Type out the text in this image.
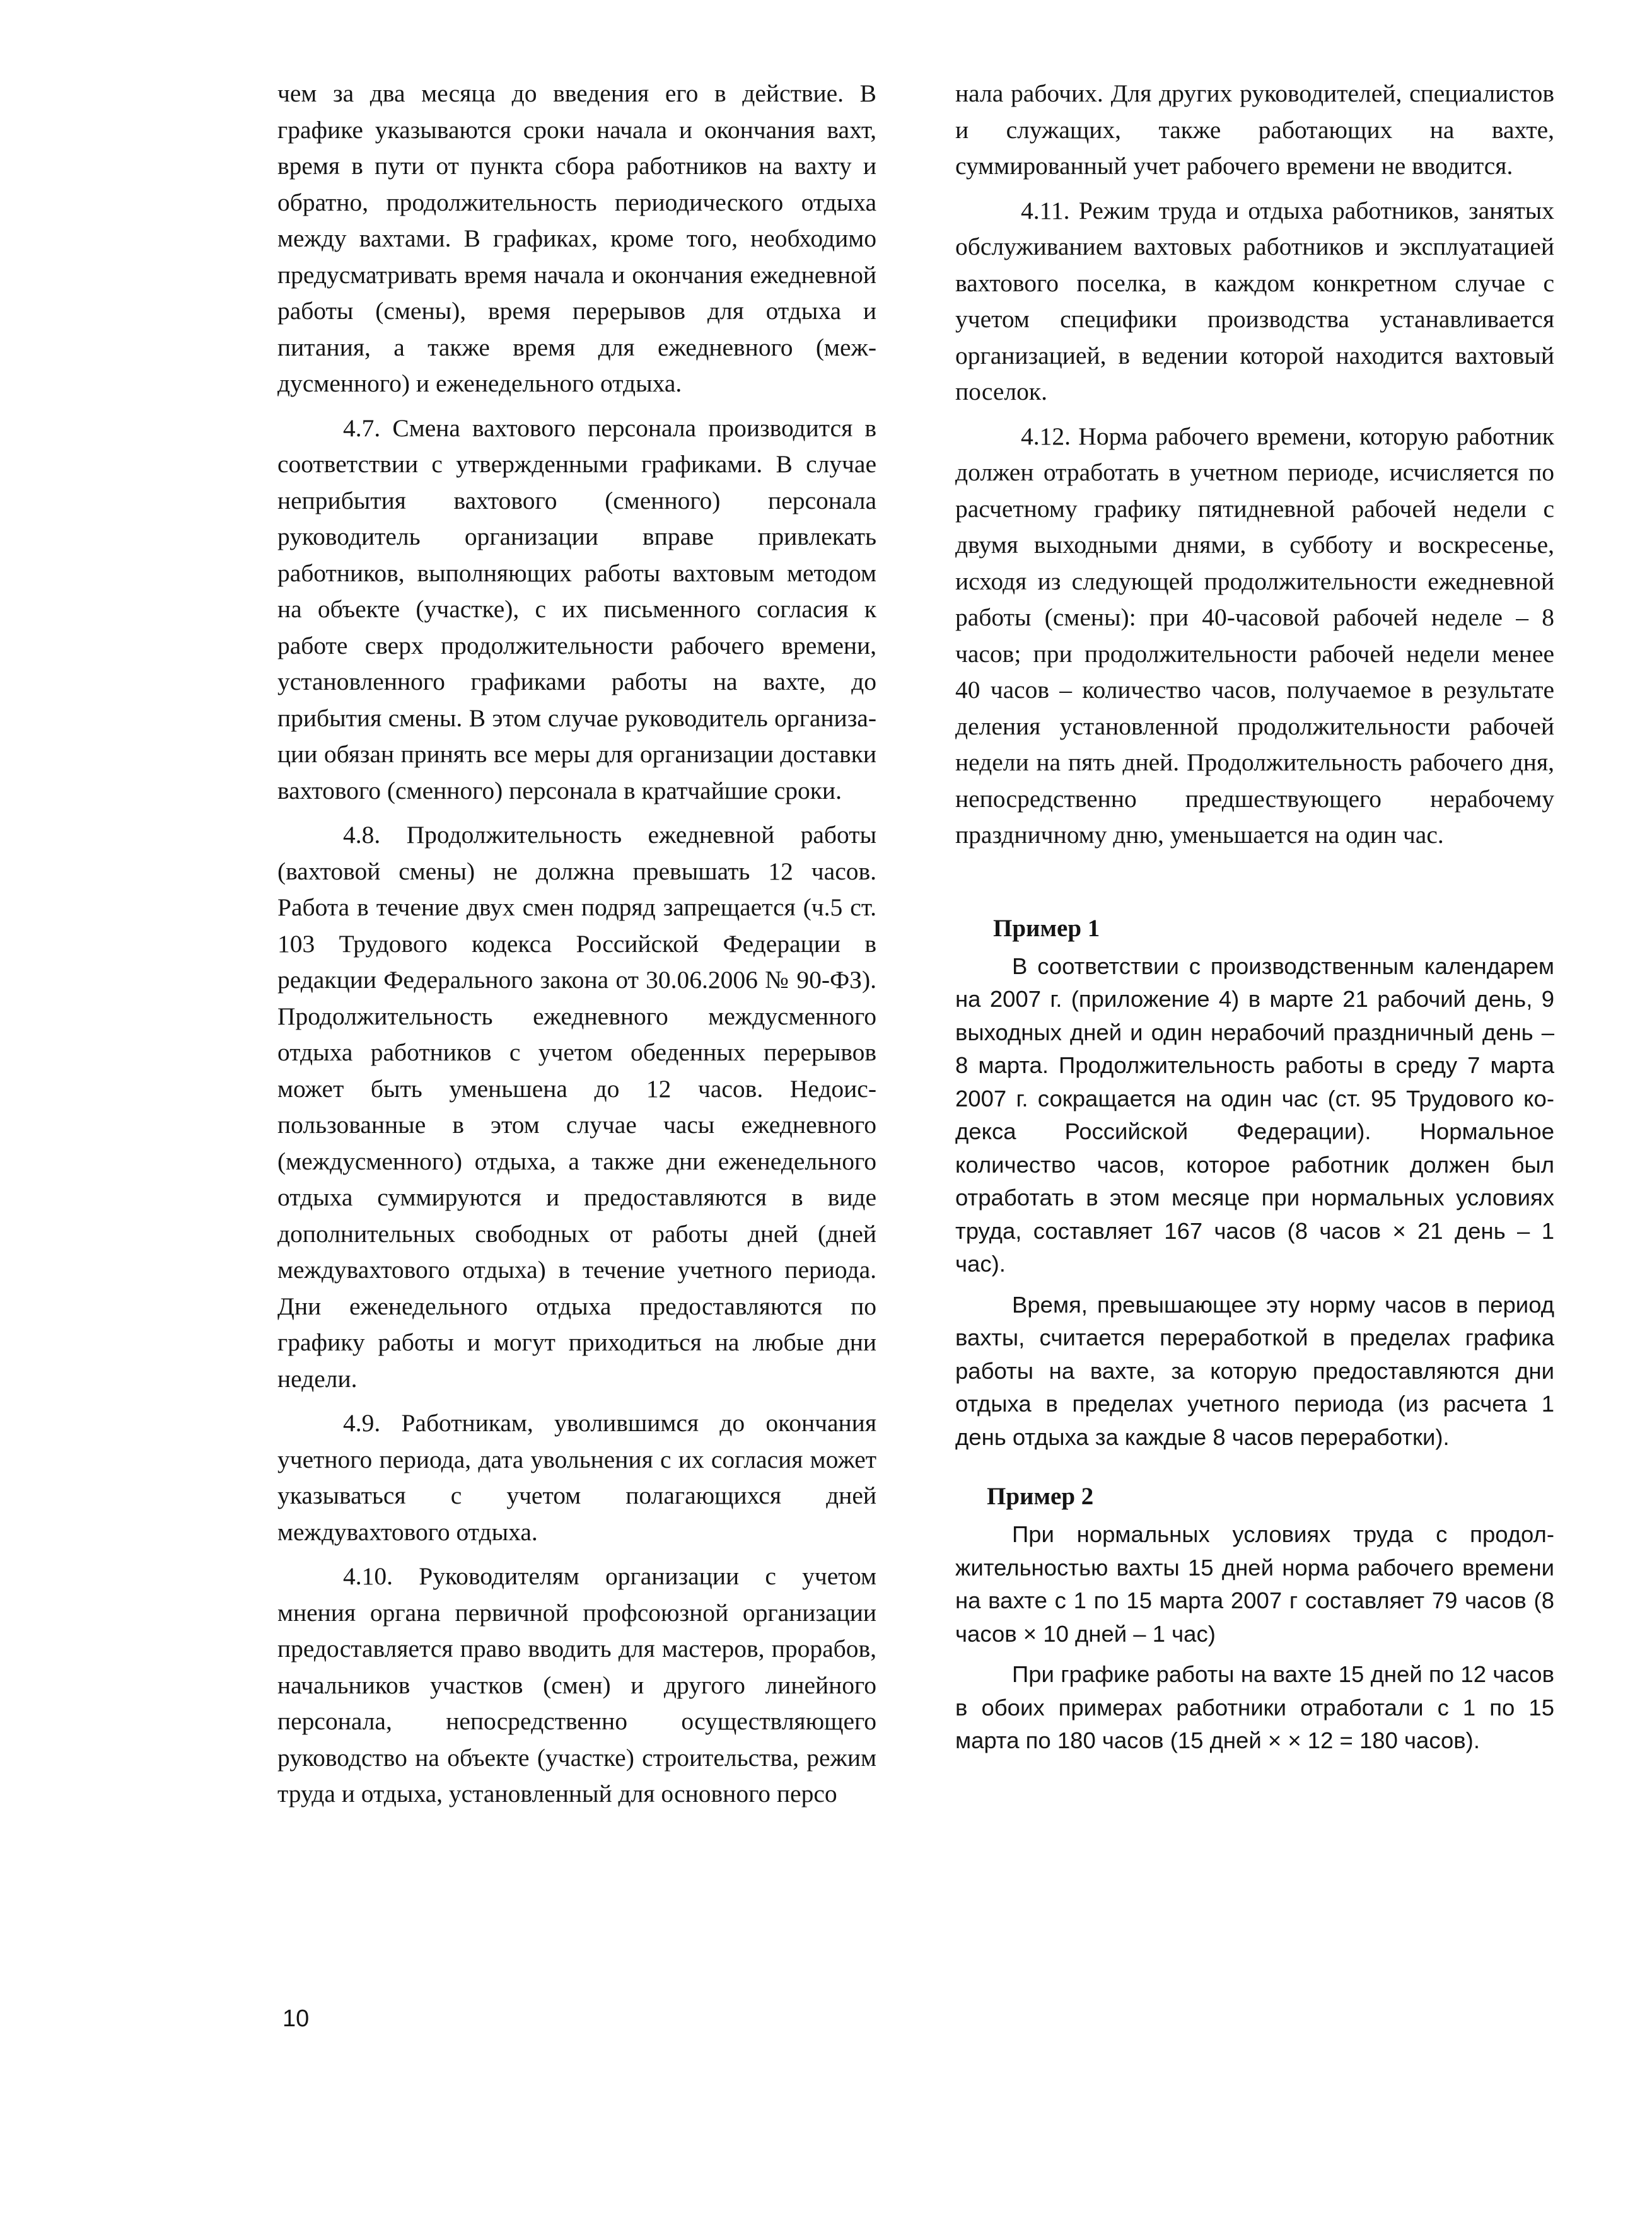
чем за два месяца до введения его в действие. В графике указываются сроки начала и окончания вахт, время в пути от пункта сбора работников на вахту и обратно, продолжительность периодического отдыха между вахтами. В графиках, кроме того, необходимо предусматривать время начала и окончания ежедневной работы (смены), время перерывов для отдыха и питания, а также время для ежедневного (междусменного) и еженедельного отдыха.

4.7. Смена вахтового персонала производится в соответствии с утвержденными графиками. В случае неприбытия вахтового (сменного) персонала руководитель организации вправе привлекать работников, выполняющих работы вахтовым методом на объекте (участке), с их письменного согласия к работе сверх продолжительности рабочего времени, установленного графиками работы на вахте, до прибытия смены. В этом случае руководитель организации обязан принять все меры для организации доставки вахтового (сменного) персонала в кратчайшие сроки.

4.8. Продолжительность ежедневной работы (вахтовой смены) не должна превышать 12 часов. Работа в течение двух смен подряд запрещается (ч.5 ст. 103 Трудового кодекса Российской Федерации в редакции Федерального закона от 30.06.2006 № 90-ФЗ). Продолжительность ежедневного междусменного отдыха работников с учетом обеденных перерывов может быть уменьшена до 12 часов. Недоиспользованные в этом случае часы ежедневного (междусменного) отдыха, а также дни еженедельного отдыха суммируются и предоставляются в виде дополнительных свободных от работы дней (дней междувахтового отдыха) в течение учетного периода. Дни еженедельного отдыха предоставляются по графику работы и могут приходиться на любые дни недели.

4.9. Работникам, уволившимся до окончания учетного периода, дата увольнения с их согласия может указываться с учетом полагающихся дней междувахтового отдыха.

4.10. Руководителям организации с учетом мнения органа первичной профсоюзной организации предоставляется право вводить для мастеров, прорабов, начальников участков (смен) и другого линейного персонала, непосредственно осуществляющего руководство на объекте (участке) строительства, режим труда и отдыха, установленный для основного персо

нала рабочих. Для других руководителей, специалистов и служащих, также работающих на вахте, суммированный учет рабочего времени не вводится.

4.11. Режим труда и отдыха работников, занятых обслуживанием вахтовых работников и эксплуатацией вахтового поселка, в каждом конкретном случае с учетом специфики производства устанавливается организацией, в ведении которой находится вахтовый поселок.

4.12. Норма рабочего времени, которую работник должен отработать в учетном периоде, исчисляется по расчетному графику пятидневной рабочей недели с двумя выходными днями, в субботу и воскресенье, исходя из следующей продолжительности ежедневной работы (смены): при 40-часовой рабочей неделе – 8 часов; при продолжительности рабочей недели менее 40 часов – количество часов, получаемое в результате деления установленной продолжительности рабочей недели на пять дней. Продолжительность рабочего дня, непосредственно предшествующего нерабочему праздничному дню, уменьшается на один час.

Пример 1

В соответствии с производственным календарем на 2007 г. (приложение 4) в марте 21 рабочий день, 9 выходных дней и один нерабочий праздничный день – 8 марта. Продолжительность работы в среду 7 марта 2007 г. сокращается на один час (ст. 95 Трудового кодекса Российской Федерации). Нормальное количество часов, которое работник должен был отработать в этом месяце при нормальных условиях труда, составляет 167 часов (8 часов × 21 день – 1 час).

Время, превышающее эту норму часов в период вахты, считается переработкой в пределах графика работы на вахте, за которую предоставляются дни отдыха в пределах учетного периода (из расчета 1 день отдыха за каждые 8 часов переработки).

Пример 2

При нормальных условиях труда с продолжительностью вахты 15 дней норма рабочего времени на вахте с 1 по 15 марта 2007 г составляет 79 часов (8 часов × 10 дней – 1 час)

При графике работы на вахте 15 дней по 12 часов в обоих примерах работники отработали с 1 по 15 марта по 180 часов (15 дней × × 12 = 180 часов).

10
